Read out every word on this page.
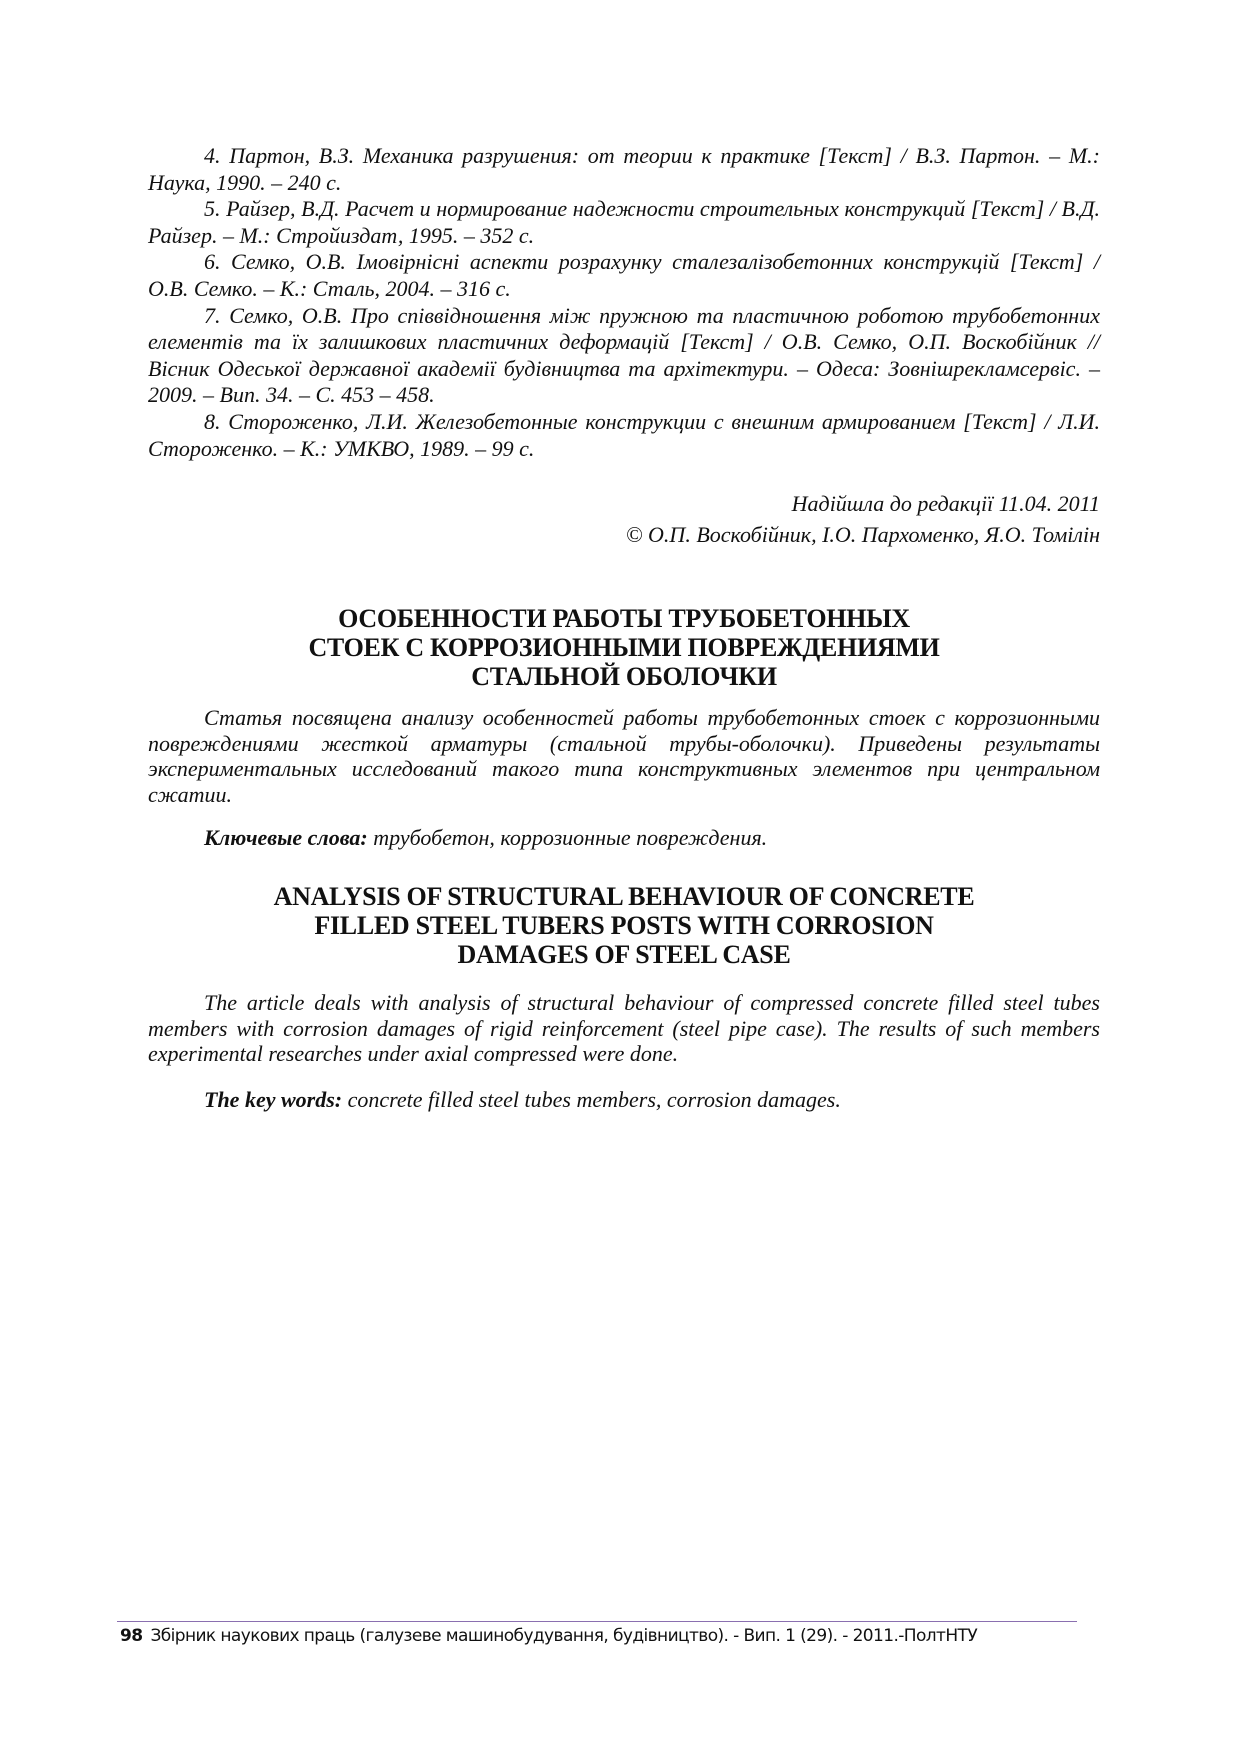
4. Партон, В.З. Механика разрушения: от теории к практике [Текст] / В.З. Партон. – М.: Наука, 1990. – 240 с.

5. Райзер, В.Д. Расчет и нормирование надежности строительных конструкций [Текст] / В.Д. Райзер. – М.: Стройиздат, 1995. – 352 с.

6. Семко, О.В. Імовірнісні аспекти розрахунку сталезалізобетонних конструкцій [Текст] / О.В. Семко. – К.: Сталь, 2004. – 316 с.

7. Семко, О.В. Про співвідношення між пружною та пластичною роботою трубобетонних елементів та їх залишкових пластичних деформацій [Текст] / О.В. Семко, О.П. Воскобійник // Вісник Одеської державної академії будівництва та архітектури. – Одеса: Зовнішрекламсервіс. – 2009. – Вип. 34. – С. 453 – 458.

8. Стороженко, Л.И. Железобетонные конструкции с внешним армированием [Текст] / Л.И. Стороженко. – К.: УМКВО, 1989. – 99 с.

Надійшла до редакції 11.04. 2011
© О.П. Воскобійник, І.О. Пархоменко, Я.О. Томілін

ОСОБЕННОСТИ РАБОТЫ ТРУБОБЕТОННЫХ

СТОЕК С КОРРОЗИОННЫМИ ПОВРЕЖДЕНИЯМИ

СТАЛЬНОЙ ОБОЛОЧКИ

Статья посвящена анализу особенностей работы трубобетонных стоек с коррозионными повреждениями жесткой арматуры (стальной трубы-оболочки). Приведены результаты экспериментальных исследований такого типа конструктивных элементов при центральном сжатии.

Ключевые слова: трубобетон, коррозионные повреждения.

ANALYSIS OF STRUCTURAL BEHAVIOUR OF CONCRETE

FILLED STEEL TUBERS POSTS WITH CORROSION

DAMAGES OF STEEL CASE

The article deals with analysis of structural behaviour of compressed concrete filled steel tubes members with corrosion damages of rigid reinforcement (steel pipe case). The results of such members experimental researches under axial compressed were done.

The key words: concrete filled steel tubes members, corrosion damages.

98 Збірник наукових праць (галузеве машинобудування, будівництво). - Вип. 1 (29). - 2011.-ПолтНТУ
